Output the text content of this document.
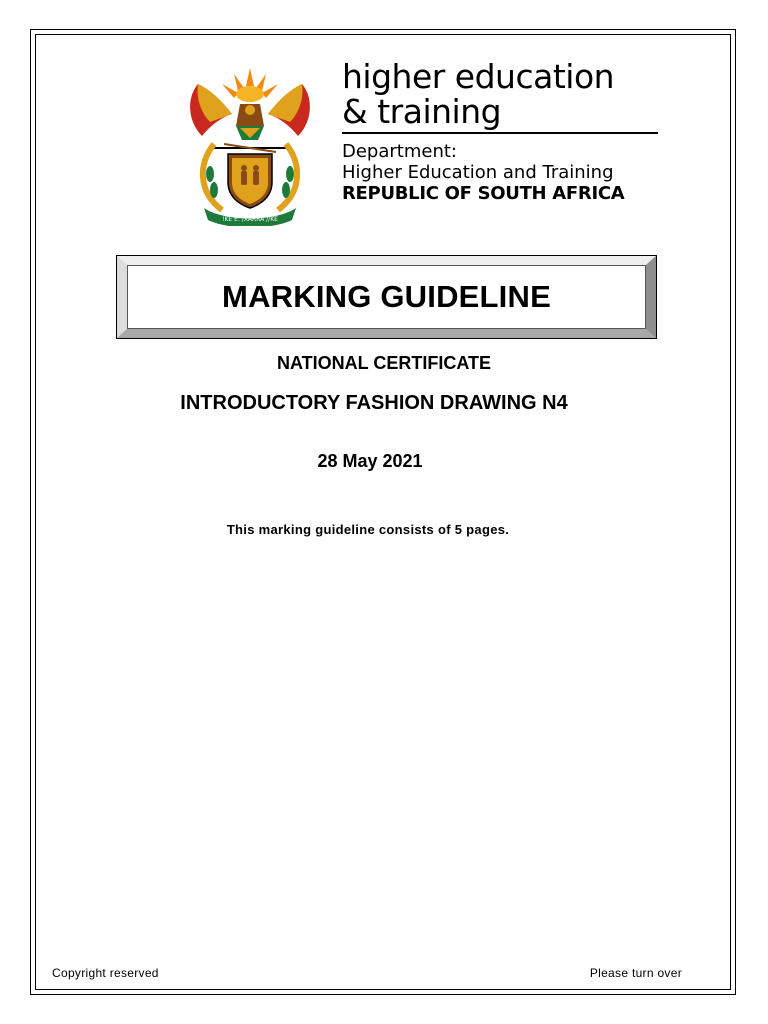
!KE E: /XARRA //KE
higher education
& training
Department:
Higher Education and Training
REPUBLIC OF SOUTH AFRICA
MARKING GUIDELINE
NATIONAL CERTIFICATE
INTRODUCTORY FASHION DRAWING N4
28 May 2021
This marking guideline consists of 5 pages.
Copyright reserved	Please turn over
